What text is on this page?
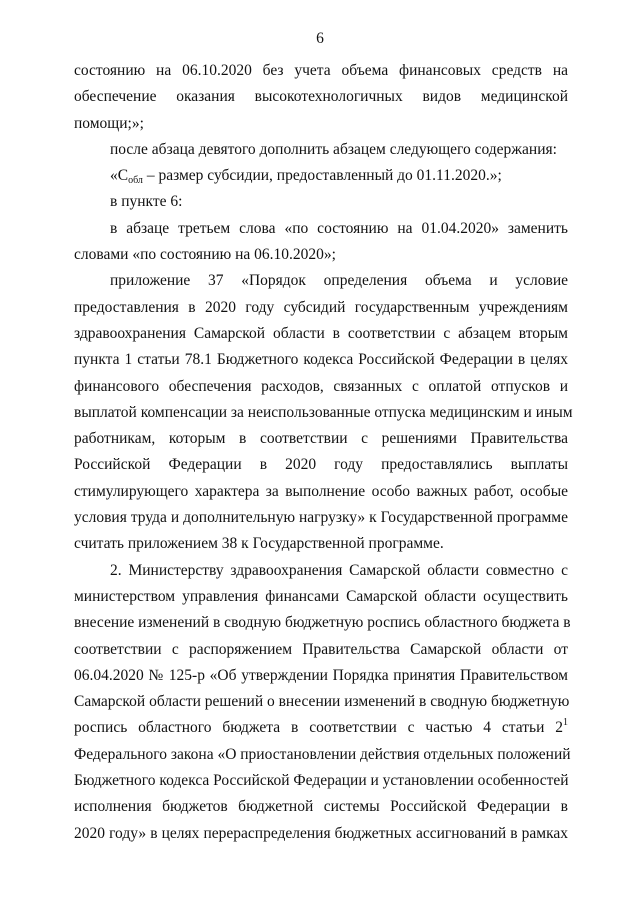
6
состоянию на 06.10.2020 без учета объема финансовых средств на
обеспечение оказания высокотехнологичных видов медицинской
помощи;»;
после абзаца девятого дополнить абзацем следующего содержания:
«$С_{обл}$ – размер субсидии, предоставленный до 01.11.2020.»;
в пункте 6:
в абзаце третьем слова «по состоянию на 01.04.2020» заменить
словами «по состоянию на 06.10.2020»;
приложение 37 «Порядок определения объема и условие
предоставления в 2020 году субсидий государственным учреждениям
здравоохранения Самарской области в соответствии с абзацем вторым
пункта 1 статьи 78.1 Бюджетного кодекса Российской Федерации в целях
финансового обеспечения расходов, связанных с оплатой отпусков и
выплатой компенсации за неиспользованные отпуска медицинским и иным
работникам, которым в соответствии с решениями Правительства
Российской Федерации в 2020 году предоставлялись выплаты
стимулирующего характера за выполнение особо важных работ, особые
условия труда и дополнительную нагрузку» к Государственной программе
считать приложением 38 к Государственной программе.
2. Министерству здравоохранения Самарской области совместно с
министерством управления финансами Самарской области осуществить
внесение изменений в сводную бюджетную роспись областного бюджета в
соответствии с распоряжением Правительства Самарской области от
06.04.2020 № 125-р «Об утверждении Порядка принятия Правительством
Самарской области решений о внесении изменений в сводную бюджетную
роспись областного бюджета в соответствии с частью 4 статьи $2^1$
Федерального закона «О приостановлении действия отдельных положений
Бюджетного кодекса Российской Федерации и установлении особенностей
исполнения бюджетов бюджетной системы Российской Федерации в
2020 году» в целях перераспределения бюджетных ассигнований в рамках
